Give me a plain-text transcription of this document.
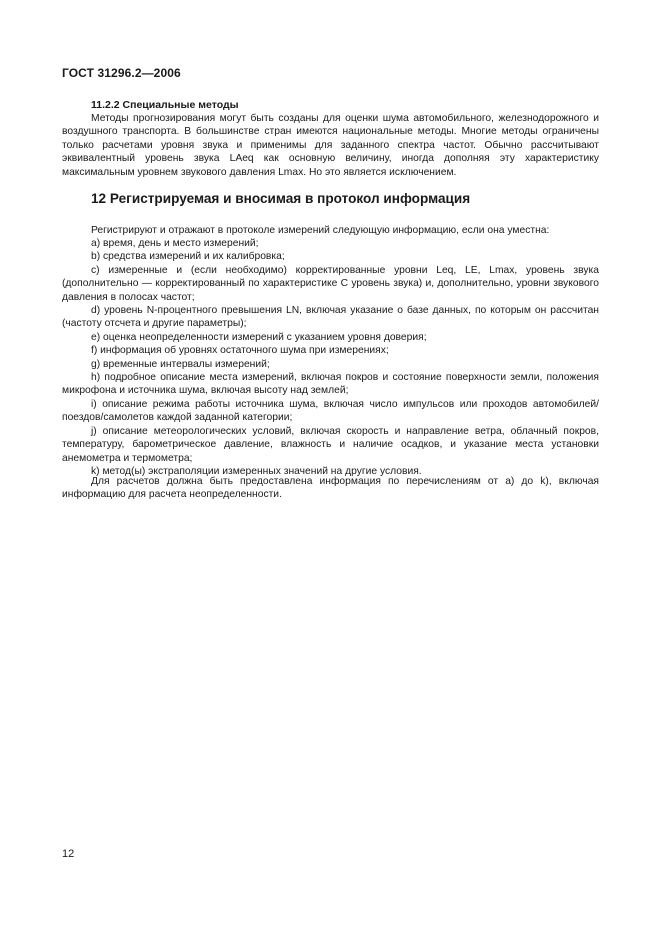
ГОСТ 31296.2—2006
11.2.2 Специальные методы
Методы прогнозирования могут быть созданы для оценки шума автомобильного, железнодорожного и воздушного транспорта. В большинстве стран имеются национальные методы. Многие методы ограничены только расчетами уровня звука и применимы для заданного спектра частот. Обычно рассчитывают эквивалентный уровень звука LAeq как основную величину, иногда дополняя эту характеристику максимальным уровнем звукового давления Lmax. Но это является исключением.
12 Регистрируемая и вносимая в протокол информация
Регистрируют и отражают в протоколе измерений следующую информацию, если она уместна:
а) время, день и место измерений;
b) средства измерений и их калибровка;
с) измеренные и (если необходимо) корректированные уровни Leq, LE, Lmax, уровень звука (дополнительно — корректированный по характеристике С уровень звука) и, дополнительно, уровни звукового давления в полосах частот;
d) уровень N-процентного превышения LN, включая указание о базе данных, по которым он рассчитан (частоту отсчета и другие параметры);
е) оценка неопределенности измерений с указанием уровня доверия;
f) информация об уровнях остаточного шума при измерениях;
g) временные интервалы измерений;
h) подробное описание места измерений, включая покров и состояние поверхности земли, положения микрофона и источника шума, включая высоту над землей;
i) описание режима работы источника шума, включая число импульсов или проходов автомобилей/поездов/самолетов каждой заданной категории;
j) описание метеорологических условий, включая скорость и направление ветра, облачный покров, температуру, барометрическое давление, влажность и наличие осадков, и указание места установки анемометра и термометра;
k) метод(ы) экстраполяции измеренных значений на другие условия.
Для расчетов должна быть предоставлена информация по перечислениям от а) до k), включая информацию для расчета неопределенности.
12
